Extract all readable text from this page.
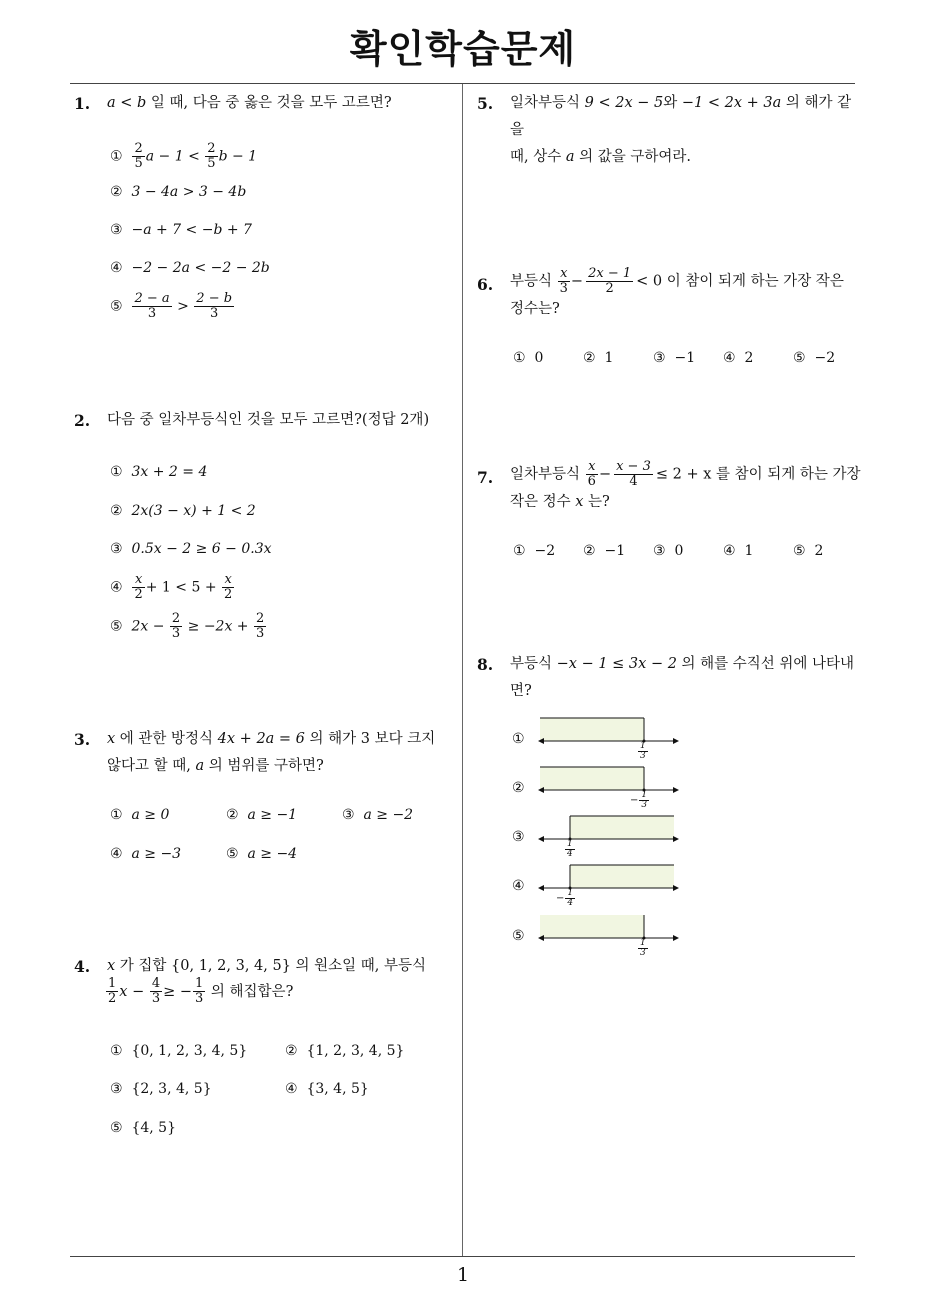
확인학습문제
1
1. a < b 일 때, 다음 중 옳은 것을 모두 고르면?
① $\frac{2}{5}$ $a - 1 < \frac{2}{5}$ b − 1
② 3 − 4a > 3 − 4b
③ −a + 7 < −b + 7
④ −2 − 2a < −2 − 2b
⑤ $\frac{2 - a}{3} > \frac{2 - b}{3}$
2. 다음 중 일차부등식인 것을 모두 고르면?(정답 2개)
① 3x + 2 = 4
② 2x(3 − x) + 1 < 2
③ 0.5x − 2 ≥ 6 − 0.3x
④ $\frac{x}{2} + 1 < 5 + \frac{x}{2}$
⑤ $2x - \frac{2}{3} \ge -2x + \frac{2}{3}$
3. x 에 관한 방정식 4x + 2a = 6 의 해가 3 보다 크지
않다고 할 때, a 의 범위를 구하면?
① a ≥ 0	② a ≥ −1	③ a ≥ −2
④ a ≥ −3	⑤ a ≥ −4
4. x 가 집합 {0, 1, 2, 3, 4, 5} 의 원소일 때, 부등식

$\frac{1}{2}$ $x - \frac{4}{3}$ ≥ − $\frac{1}{3}$ 의 해집합은?
① {0, 1, 2, 3, 4, 5}	② {1, 2, 3, 4, 5}
③ {2, 3, 4, 5}	④ {3, 4, 5}
⑤ {4, 5}
5. 일차부등식 9 < 2x − 5와 −1 < 2x + 3a 의 해가 같을
때, 상수 a 의 값을 구하여라.
6. 부등식 $\frac{x}{3} - \frac{2x - 1}{2} < 0$ 이 참이 되게 하는 가장 작은
정수는?
① 0	② 1	③ −1 ④ 2	⑤ −2
7. 일차부등식 $\frac{x}{6} - \frac{x - 3}{4} \le 2 + x$ 를 참이 되게 하는 가장
작은 정수 x 는?
① −2 ② −1 ③ 0	④ 1	⑤ 2
8. 부등식 −x − 1 ≤ 3x − 2 의 해를 수직선 위에 나타내
면?
①
$\frac{1}{3}$
②
− $\frac{1}{3}$
③
$\frac{1}{4}$
④
− $\frac{1}{4}$
⑤
$\frac{1}{3}$
